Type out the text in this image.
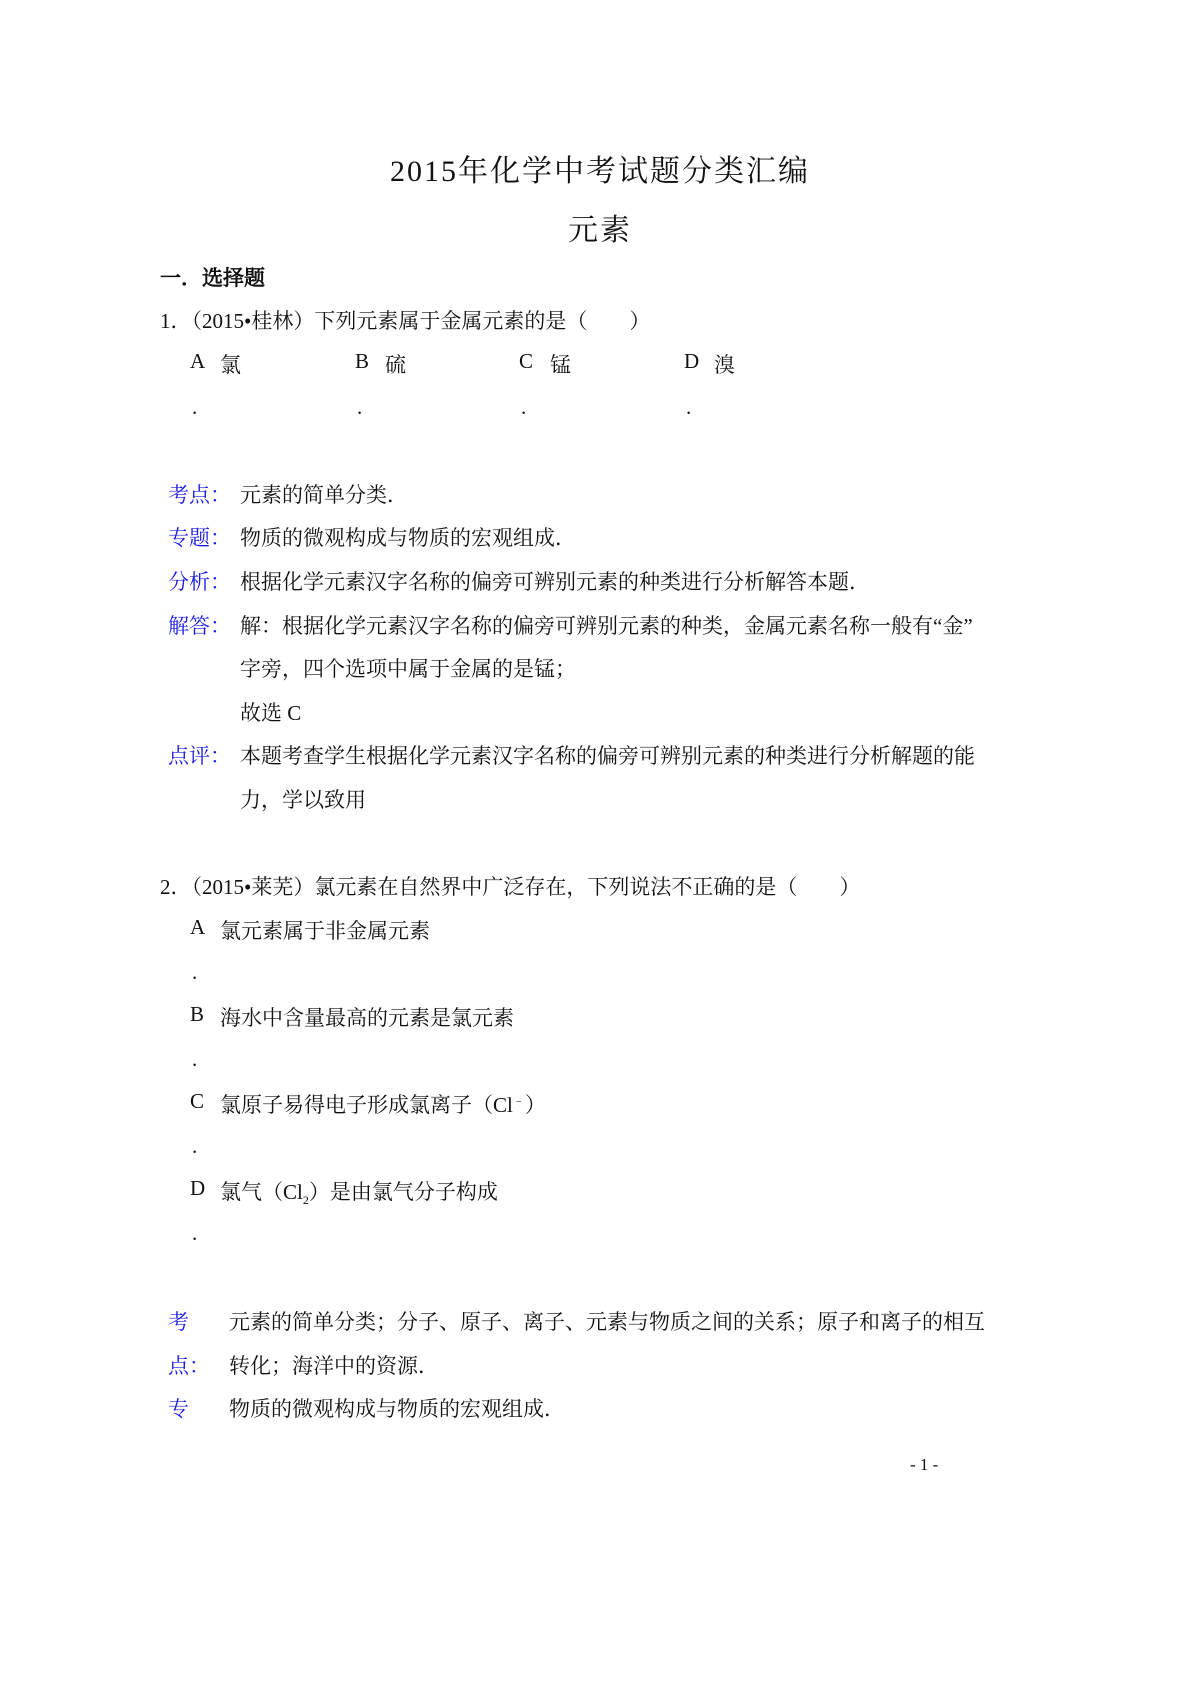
2015年化学中考试题分类汇编
元素
一．选择题
1．（2015•桂林）下列元素属于金属元素的是（　　）
A 氯
.
B 硫
.
C 锰
.
D 溴
.
考点： 元素的简单分类．
专题： 物质的微观构成与物质的宏观组成．
分析： 根据化学元素汉字名称的偏旁可辨别元素的种类进行分析解答本题．
解答： 解：根据化学元素汉字名称的偏旁可辨别元素的种类，金属元素名称一般有“金”
字旁，四个选项中属于金属的是锰；
故选 C
点评： 本题考查学生根据化学元素汉字名称的偏旁可辨别元素的种类进行分析解题的能
力，学以致用
2．（2015•莱芜）氯元素在自然界中广泛存在，下列说法不正确的是（　　）
A 氯元素属于非金属元素
.
B 海水中含量最高的元素是氯元素
.
C 氯原子易得电子形成氯离子（Cl﹣）
.
D 氯气$(Cl_2)$是由氯气分子构成
.
考
点：
元素的简单分类；分子、原子、离子、元素与物质之间的关系；原子和离子的相互
转化；海洋中的资源．
专 物质的微观构成与物质的宏观组成．
- 1 -
